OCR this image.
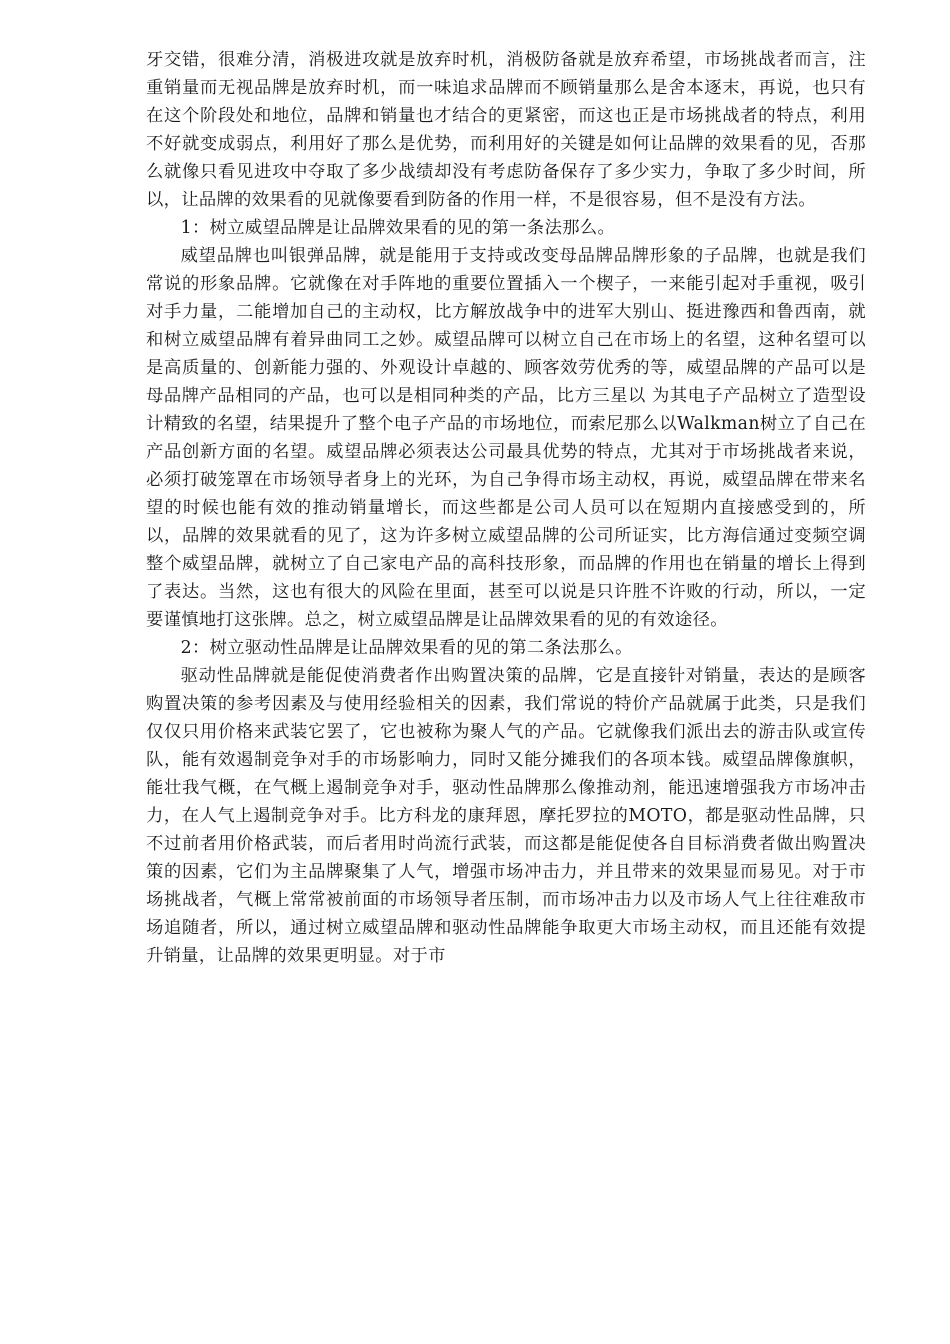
牙交错，很难分清，消极进攻就是放弃时机，消极防备就是放弃希望，市场挑战者而言，注重销量而无视品牌是放弃时机，而一味追求品牌而不顾销量那么是舍本逐末，再说，也只有在这个阶段处和地位，品牌和销量也才结合的更紧密，而这也正是市场挑战者的特点，利用不好就变成弱点，利用好了那么是优势，而利用好的关键是如何让品牌的效果看的见，否那么就像只看见进攻中夺取了多少战绩却没有考虑防备保存了多少实力，争取了多少时间，所以，让品牌的效果看的见就像要看到防备的作用一样，不是很容易，但不是没有方法。

1：树立威望品牌是让品牌效果看的见的第一条法那么。

威望品牌也叫银弹品牌，就是能用于支持或改变母品牌品牌形象的子品牌，也就是我们常说的形象品牌。它就像在对手阵地的重要位置插入一个楔子，一来能引起对手重视，吸引对手力量，二能增加自己的主动权，比方解放战争中的进军大别山、挺进豫西和鲁西南，就和树立威望品牌有着异曲同工之妙。威望品牌可以树立自己在市场上的名望，这种名望可以是高质量的、创新能力强的、外观设计卓越的、顾客效劳优秀的等，威望品牌的产品可以是母品牌产品相同的产品，也可以是相同种类的产品，比方三星以 为其电子产品树立了造型设计精致的名望，结果提升了整个电子产品的市场地位，而索尼那么以Walkman树立了自己在产品创新方面的名望。威望品牌必须表达公司最具优势的特点，尤其对于市场挑战者来说，必须打破笼罩在市场领导者身上的光环，为自己争得市场主动权，再说，威望品牌在带来名望的时候也能有效的推动销量增长，而这些都是公司人员可以在短期内直接感受到的，所以，品牌的效果就看的见了，这为许多树立威望品牌的公司所证实，比方海信通过变频空调整个威望品牌，就树立了自己家电产品的高科技形象，而品牌的作用也在销量的增长上得到了表达。当然，这也有很大的风险在里面，甚至可以说是只许胜不许败的行动，所以，一定要谨慎地打这张牌。总之，树立威望品牌是让品牌效果看的见的有效途径。

2：树立驱动性品牌是让品牌效果看的见的第二条法那么。

驱动性品牌就是能促使消费者作出购置决策的品牌，它是直接针对销量，表达的是顾客购置决策的参考因素及与使用经验相关的因素，我们常说的特价产品就属于此类，只是我们仅仅只用价格来武装它罢了，它也被称为聚人气的产品。它就像我们派出去的游击队或宣传队，能有效遏制竞争对手的市场影响力，同时又能分摊我们的各项本钱。威望品牌像旗帜，能壮我气概，在气概上遏制竞争对手，驱动性品牌那么像推动剂，能迅速增强我方市场冲击力，在人气上遏制竞争对手。比方科龙的康拜恩，摩托罗拉的MOTO，都是驱动性品牌，只不过前者用价格武装，而后者用时尚流行武装，而这都是能促使各自目标消费者做出购置决策的因素，它们为主品牌聚集了人气，增强市场冲击力，并且带来的效果显而易见。对于市场挑战者，气概上常常被前面的市场领导者压制，而市场冲击力以及市场人气上往往难敌市场追随者，所以，通过树立威望品牌和驱动性品牌能争取更大市场主动权，而且还能有效提升销量，让品牌的效果更明显。对于市
